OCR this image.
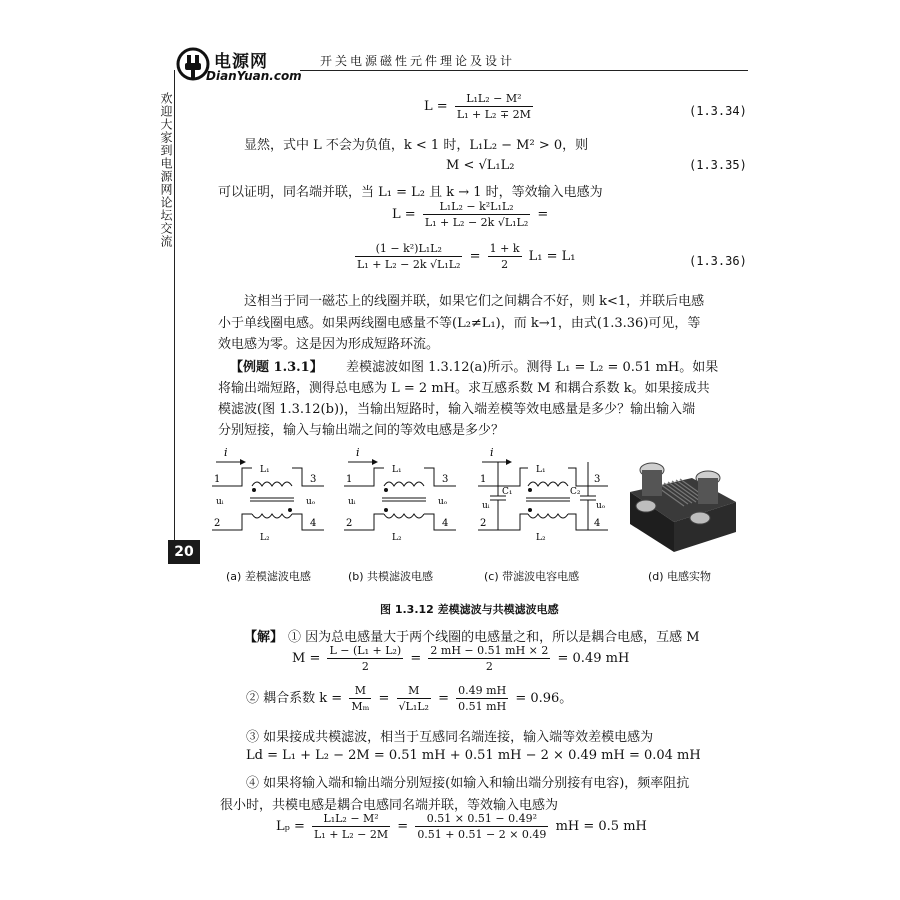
电源网
DianYuan.com
开关电源磁性元件理论及设计
欢迎大家到电源网论坛交流
20
$L = \frac{\text{L₁L₂ − M²}}{\text{L₁ + L₂ ∓ 2M}}$	(1.3.34)
显然，式中 L 不会为负值，k < 1 时，L₁L₂ − M² > 0，则
M < √L₁L₂	(1.3.35)
可以证明，同名端并联，当 L₁ = L₂ 且 k → 1 时，等效输入电感为
$L = \frac{\text{L₁L₂ − k²L₁L₂}}{\text{L₁ + L₂ − 2k √L₁L₂}}$ =
$\frac{\text{(1 − k²)L₁L₂}}{\text{L₁ + L₂ − 2k √L₁L₂}} = \frac{1 + k}{2} L_1 = L_1$	(1.3.36)
这相当于同一磁芯上的线圈并联，如果它们之间耦合不好，则 k<1，并联后电感
小于单线圈电感。如果两线圈电感量不等(L₂≠L₁)，而 k→1，由式(1.3.36)可见，等
效电感为零。这是因为形成短路环流。
【例题 1.3.1】 差模滤波如图 1.3.12(a)所示。测得 L₁ = L₂ = 0.51 mH。如果
将输出端短路，测得总电感为 L = 2 mH。求互感系数 M 和耦合系数 k。如果接成共
模滤波(图 1.3.12(b))，当输出短路时，输入端差模等效电感量是多少？输出输入端
分别短接，输入与输出端之间的等效电感是多少？
i
1
2
3
4
uᵢ	uₒ
L₁
L₂
i
1
2
3
4
uᵢ	uₒ
L₁
L₂
i
1
2
3
4
uᵢ	uₒ
C₁	C₂
L₁
L₂
(a) 差模滤波电感	(b) 共模滤波电感	(c) 带滤波电容电感	(d) 电感实物
图 1.3.12 差模滤波与共模滤波电感
【解】 ① 因为总电感量大于两个线圈的电感量之和，所以是耦合电感，互感 M
$M = \frac{\text{L − (L₁ + L₂)}}{2} = \frac{2 mH - 0.51 mH \times 2}{2} = 0.49$ mH
② 耦合系数 $k = \frac{M}{\text{Mₘ}} = \frac{M}{\text{√L₁L₂}} = \frac{0.49 mH}{0.51 mH} = 0.96$。
③ 如果接成共模滤波，相当于互感同名端连接，输入端等效差模电感为
Ld = L₁ + L₂ − 2M = 0.51 mH + 0.51 mH − 2 × 0.49 mH = 0.04 mH
④ 如果将输入端和输出端分别短接(如输入和输出端分别接有电容)，频率阻抗
很小时，共模电感是耦合电感同名端并联，等效输入电感为
$L_p = \frac{\text{L₁L₂ − M²}}{\text{L₁ + L₂ − 2M}} = \frac{\text{0.51 × 0.51 − 0.49²}}{0.51 + 0.51 - 2 \times 0.49}$ mH = 0.5 mH
